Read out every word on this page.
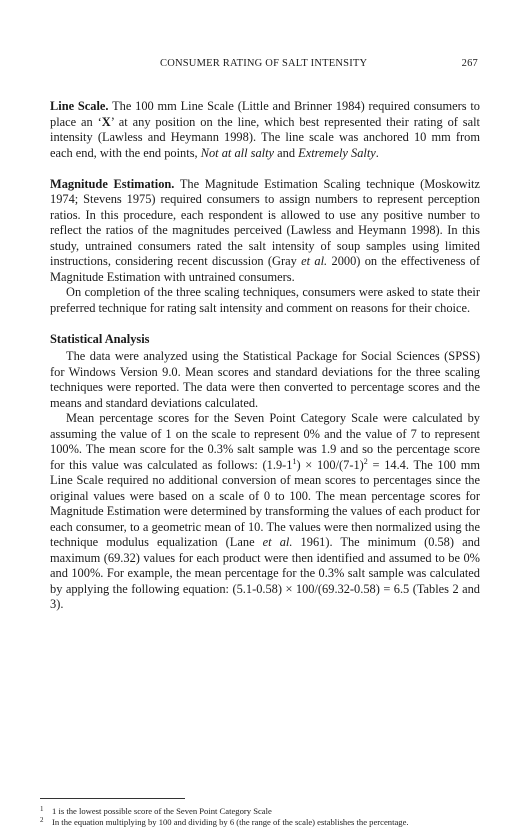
CONSUMER RATING OF SALT INTENSITY	267

Line Scale. The 100 mm Line Scale (Little and Brinner 1984) required consumers to place an ‘X’ at any position on the line, which best represented their rating of salt intensity (Lawless and Heymann 1998). The line scale was anchored 10 mm from each end, with the end points, Not at all salty and Extremely Salty.

Magnitude Estimation. The Magnitude Estimation Scaling technique (Moskowitz 1974; Stevens 1975) required consumers to assign numbers to represent perception ratios. In this procedure, each respondent is allowed to use any positive number to reflect the ratios of the magnitudes perceived (Lawless and Heymann 1998). In this study, untrained consumers rated the salt intensity of soup samples using limited instructions, considering recent discussion (Gray et al. 2000) on the effectiveness of Magnitude Estimation with untrained consumers.

On completion of the three scaling techniques, consumers were asked to state their preferred technique for rating salt intensity and comment on reasons for their choice.

Statistical Analysis

The data were analyzed using the Statistical Package for Social Sciences (SPSS) for Windows Version 9.0. Mean scores and standard deviations for the three scaling techniques were reported. The data were then converted to percentage scores and the means and standard deviations calculated.

Mean percentage scores for the Seven Point Category Scale were calculated by assuming the value of 1 on the scale to represent 0% and the value of 7 to represent 100%. The mean score for the 0.3% salt sample was 1.9 and so the percentage score for this value was calculated as follows: $(1.9-1^1) \times 100/(7-1)^2 = 14.4$. The 100 mm Line Scale required no additional conversion of mean scores to percentages since the original values were based on a scale of 0 to 100. The mean percentage scores for Magnitude Estimation were determined by transforming the values of each product for each consumer, to a geometric mean of 10. The values were then normalized using the technique modulus equalization (Lane et al. 1961). The minimum (0.58) and maximum (69.32) values for each product were then identified and assumed to be 0% and 100%. For example, the mean percentage for the 0.3% salt sample was calculated by applying the following equation: (5.1-0.58) × 100/(69.32-0.58) = 6.5 (Tables 2 and 3).

1 1 is the lowest possible score of the Seven Point Category Scale
2 In the equation multiplying by 100 and dividing by 6 (the range of the scale) establishes the percentage.
